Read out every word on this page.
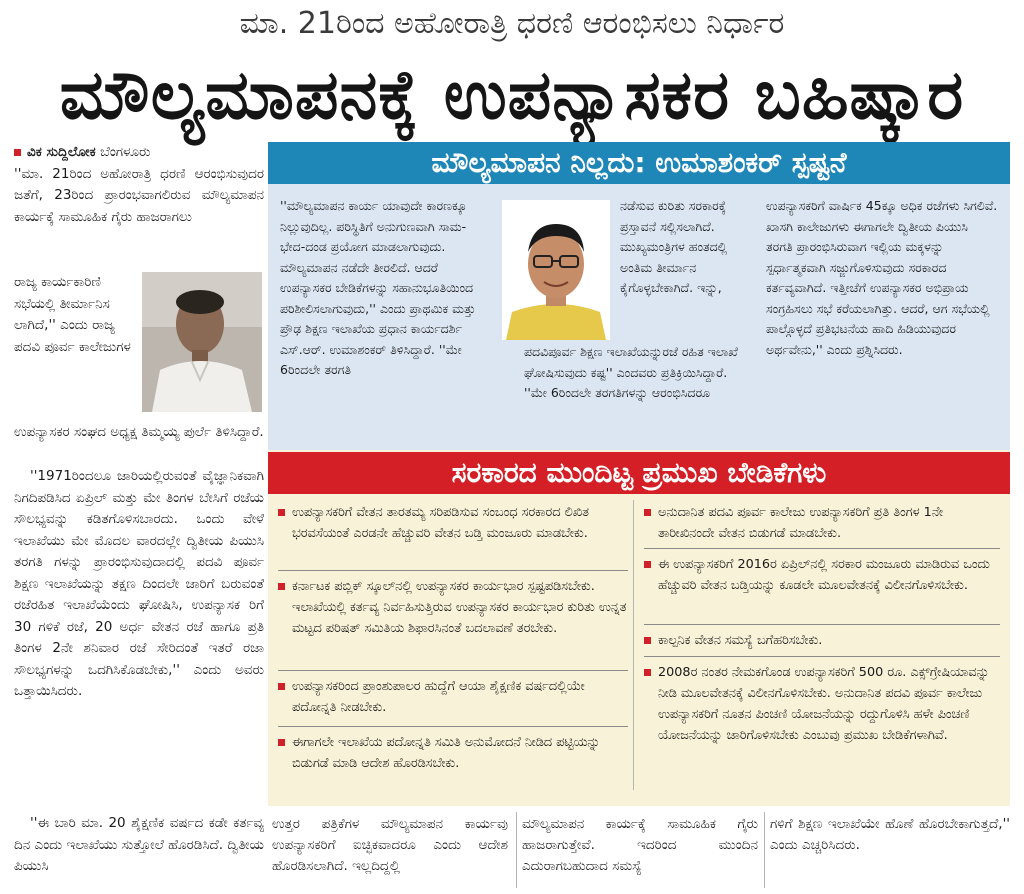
ಮಾ. 21ರಿಂದ ಅಹೋರಾತ್ರಿ ಧರಣಿ ಆರಂಭಿಸಲು ನಿರ್ಧಾರ
ಮೌಲ್ಯಮಾಪನಕ್ಕೆ ಉಪನ್ಯಾಸಕರ ಬಹಿಷ್ಕಾರ
ವಿಕ ಸುದ್ದಿಲೋಕ ಬೆಂಗಳೂರು
''ಮಾ. 21ರಿಂದ ಅಹೋರಾತ್ರಿ ಧರಣಿ ಆರಂಭಿಸುವುದರ ಜತೆಗೆ, 23ರಿಂದ ಪ್ರಾರಂಭವಾಗಲಿರುವ ಮೌಲ್ಯಮಾಪನ ಕಾರ್ಯಕ್ಕೆ ಸಾಮೂಹಿಕ ಗೈರು ಹಾಜರಾಗಲು
ರಾಜ್ಯ ಕಾರ್ಯಕಾರಿಣಿ ಸಭೆಯಲ್ಲಿ ತೀರ್ಮಾನಿಸ ಲಾಗಿದೆ,'' ಎಂದು ರಾಜ್ಯ ಪದವಿ ಪೂರ್ವ ಕಾಲೇಜುಗಳ
ಉಪನ್ಯಾಸಕರ ಸಂಘದ ಅಧ್ಯಕ್ಷ ತಿಮ್ಮಯ್ಯ ಪುರ್ಲೆ ತಿಳಿಸಿದ್ದಾರೆ.
''1971ರಿಂದಲೂ ಜಾರಿಯಲ್ಲಿರುವಂತೆ ವೈಜ್ಞಾನಿಕವಾಗಿ ನಿಗದಿಪಡಿಸಿದ ಏಪ್ರಿಲ್ ಮತ್ತು ಮೇ ತಿಂಗಳ ಬೇಸಿಗೆ ರಜೆಯ ಸೌಲಭ್ಯವನ್ನು ಕಡಿತಗೊಳಿಸಬಾರದು. ಒಂದು ವೇಳೆ ಇಲಾಖೆಯು ಮೇ ಮೊದಲ ವಾರದಲ್ಲೇ ದ್ವಿತೀಯ ಪಿಯುಸಿ ತರಗತಿ ಗಳನ್ನು ಪ್ರಾರಂಭಿಸುವುದಾದಲ್ಲಿ ಪದವಿ ಪೂರ್ವ ಶಿಕ್ಷಣ ಇಲಾಖೆಯನ್ನು ತಕ್ಷಣ ದಿಂದಲೇ ಜಾರಿಗೆ ಬರುವಂತೆ ರಜೆರಹಿತ ಇಲಾಖೆಯೆಂದು ಘೋಷಿಸಿ, ಉಪನ್ಯಾಸಕ ರಿಗೆ 30 ಗಳಿಕೆ ರಜೆ, 20 ಅರ್ಧ ವೇತನ ರಜೆ ಹಾಗೂ ಪ್ರತಿ ತಿಂಗಳ 2ನೇ ಶನಿವಾರ ರಜೆ ಸೇರಿದಂತೆ ಇತರೆ ರಜಾ ಸೌಲಭ್ಯಗಳನ್ನು ಒದಗಿಸಿಕೊಡಬೇಕು,'' ಎಂದು ಅವರು ಒತ್ತಾಯಿಸಿದರು.
''ಈ ಬಾರಿ ಮಾ. 20 ಶೈಕ್ಷಣಿಕ ವರ್ಷದ ಕಡೇ ಕರ್ತವ್ಯ ದಿನ ಎಂದು ಇಲಾಖೆಯು ಸುತ್ತೋಲೆ ಹೊರಡಿಸಿದೆ. ದ್ವಿತೀಯ ಪಿಯುಸಿ
ಮೌಲ್ಯಮಾಪನ ನಿಲ್ಲದು: ಉಮಾಶಂಕರ್ ಸ್ಪಷ್ಟನೆ
''ಮೌಲ್ಯಮಾಪನ ಕಾರ್ಯ ಯಾವುದೇ ಕಾರಣಕ್ಕೂ ನಿಲ್ಲುವುದಿಲ್ಲ. ಪರಿಸ್ಥಿತಿಗೆ ಅನುಗುಣವಾಗಿ ಸಾಮ-ಭೇದ-ದಂಡ ಪ್ರಯೋಗ ಮಾಡಲಾಗುವುದು. ಮೌಲ್ಯಮಾಪನ ನಡೆದೇ ತೀರಲಿದೆ. ಆದರೆ ಉಪನ್ಯಾಸಕರ ಬೇಡಿಕೆಗಳನ್ನು ಸಹಾನುಭೂತಿಯಿಂದ ಪರಿಶೀಲಿಸಲಾಗುವುದು,'' ಎಂದು ಪ್ರಾಥಮಿಕ ಮತ್ತು ಪ್ರೌಢ ಶಿಕ್ಷಣ ಇಲಾಖೆಯ ಪ್ರಧಾನ ಕಾರ್ಯದರ್ಶಿ ಎಸ್.ಆರ್. ಉಮಾಶಂಕರ್ ತಿಳಿಸಿದ್ದಾರೆ. ''ಮೇ 6ರಿಂದಲೇ ತರಗತಿ
ನಡೆಸುವ ಕುರಿತು ಸರಕಾರಕ್ಕೆ ಪ್ರಸ್ತಾವನೆ ಸಲ್ಲಿಸಲಾಗಿದೆ. ಮುಖ್ಯಮಂತ್ರಿಗಳ ಹಂತದಲ್ಲಿ ಅಂತಿಮ ತೀರ್ಮಾನ ಕೈಗೊಳ್ಳಬೇಕಾಗಿದೆ. ಇನ್ನು,
ಪದವಿಪೂರ್ವ ಶಿಕ್ಷಣ ಇಲಾಖೆಯನ್ನುರಜೆ ರಹಿತ ಇಲಾಖೆ ಘೋಷಿಸುವುದು ಕಷ್ಟ'' ಎಂದವರು ಪ್ರತಿಕ್ರಿಯಿಸಿದ್ದಾರೆ. ''ಮೇ 6ರಿಂದಲೇ ತರಗತಿಗಳನ್ನು ಆರಂಭಿಸಿದರೂ
ಉಪನ್ಯಾಸಕರಿಗೆ ವಾರ್ಷಿಕ 45ಕ್ಕೂ ಅಧಿಕ ರಜೆಗಳು ಸಿಗಲಿವೆ. ಖಾಸಗಿ ಕಾಲೇಜುಗಳು ಈಗಾಗಲೇ ದ್ವಿತೀಯ ಪಿಯುಸಿ ತರಗತಿ ಪ್ರಾರಂಭಿಸಿರುವಾಗ ಇಲ್ಲಿಯ ಮಕ್ಕಳನ್ನು ಸ್ಪರ್ಧಾತ್ಮಕವಾಗಿ ಸಜ್ಜುಗೊಳಿಸುವುದು ಸರಕಾರದ ಕರ್ತವ್ಯವಾಗಿದೆ. ಇತ್ತೀಚೆಗೆ ಉಪನ್ಯಾಸಕರ ಅಭಿಪ್ರಾಯ ಸಂಗ್ರಹಿಸಲು ಸಭೆ ಕರೆಯಲಾಗಿತ್ತು. ಆದರೆ, ಆಗ ಸಭೆಯಲ್ಲಿ ಪಾಲ್ಗೊಳ್ಳದೆ ಪ್ರತಿಭಟನೆಯ ಹಾದಿ ಹಿಡಿಯುವುದರ ಅರ್ಥವೇನು,'' ಎಂದು ಪ್ರಶ್ನಿಸಿದರು.
ಸರಕಾರದ ಮುಂದಿಟ್ಟ ಪ್ರಮುಖ ಬೇಡಿಕೆಗಳು
ಉಪನ್ಯಾಸಕರಿಗೆ ವೇತನ ತಾರತಮ್ಯ ಸರಿಪಡಿಸುವ ಸಂಬಂಧ ಸರಕಾರದ ಲಿಖಿತ ಭರವಸೆಯಂತೆ ಎರಡನೇ ಹೆಚ್ಚುವರಿ ವೇತನ ಬಡ್ತಿ ಮಂಜೂರು ಮಾಡಬೇಕು.
ಕರ್ನಾಟಕ ಪಬ್ಲಿಕ್ ಸ್ಕೂಲ್‌ನಲ್ಲಿ ಉಪನ್ಯಾಸಕರ ಕಾರ್ಯಭಾರ ಸ್ಪಷ್ಟಪಡಿಸಬೇಕು. ಇಲಾಖೆಯಲ್ಲಿ ಕರ್ತವ್ಯ ನಿರ್ವಹಿಸುತ್ತಿರುವ ಉಪನ್ಯಾಸಕರ ಕಾರ್ಯಭಾರ ಕುರಿತು ಉನ್ನತ ಮಟ್ಟದ ಪರಿಷತ್ ಸಮಿತಿಯ ಶಿಫಾರಸಿನಂತೆ ಬದಲಾವಣೆ ತರಬೇಕು.
ಉಪನ್ಯಾಸಕರಿಂದ ಪ್ರಾಂಶುಪಾಲರ ಹುದ್ದೆಗೆ ಆಯಾ ಶೈಕ್ಷಣಿಕ ವರ್ಷದಲ್ಲಿಯೇ ಪದೋನ್ನತಿ ನೀಡಬೇಕು.
ಈಗಾಗಲೇ ಇಲಾಖೆಯ ಪದೋನ್ನತಿ ಸಮಿತಿ ಅನುಮೋದನೆ ನೀಡಿದ ಪಟ್ಟಿಯನ್ನು ಬಿಡುಗಡೆ ಮಾಡಿ ಆದೇಶ ಹೊರಡಿಸಬೇಕು.
ಅನುದಾನಿತ ಪದವಿ ಪೂರ್ವ ಕಾಲೇಜು ಉಪನ್ಯಾಸಕರಿಗೆ ಪ್ರತಿ ತಿಂಗಳ 1ನೇ ತಾರೀಖಿನಂದೇ ವೇತನ ಬಿಡುಗಡೆ ಮಾಡಬೇಕು.
ಈ ಉಪನ್ಯಾಸಕರಿಗೆ 2016ರ ಏಪ್ರಿಲ್‌ನಲ್ಲಿ ಸರಕಾರ ಮಂಜೂರು ಮಾಡಿರುವ ಒಂದು ಹೆಚ್ಚುವರಿ ವೇತನ ಬಡ್ತಿಯನ್ನು ಕೂಡಲೇ ಮೂಲವೇತನಕ್ಕೆ ವಿಲೀನಗೊಳಿಸಬೇಕು.
ಕಾಲ್ಪನಿಕ ವೇತನ ಸಮಸ್ಯೆ ಬಗೆಹರಿಸಬೇಕು.
2008ರ ನಂತರ ನೇಮಕಗೊಂಡ ಉಪನ್ಯಾಸಕರಿಗೆ 500 ರೂ. ಎಕ್ಸ್‌ಗ್ರೇಷಿಯಾವನ್ನು ನೀಡಿ ಮೂಲವೇತನಕ್ಕೆ ವಿಲೀನಗೊಳಿಸಬೇಕು. ಅನುದಾನಿತ ಪದವಿ ಪೂರ್ವ ಕಾಲೇಜು ಉಪನ್ಯಾಸಕರಿಗೆ ನೂತನ ಪಿಂಚಣಿ ಯೋಜನೆಯನ್ನು ರದ್ದುಗೊಳಿಸಿ ಹಳೇ ಪಿಂಚಣಿ ಯೋಜನೆಯನ್ನು ಜಾರಿಗೊಳಿಸಬೇಕು ಎಂಬುವು ಪ್ರಮುಖ ಬೇಡಿಕೆಗಳಾಗಿವೆ.
ಉತ್ತರ ಪತ್ರಿಕೆಗಳ ಮೌಲ್ಯಮಾಪನ ಕಾರ್ಯವು ಉಪನ್ಯಾಸಕರಿಗೆ ಐಚ್ಛಿಕವಾದರೂ ಎಂದು ಆದೇಶ ಹೊರಡಿಸಲಾಗಿದೆ. ಇಲ್ಲದಿದ್ದಲ್ಲಿ
ಮೌಲ್ಯಮಾಪನ ಕಾರ್ಯಕ್ಕೆ ಸಾಮೂಹಿಕ ಗೈರು ಹಾಜರಾಗುತ್ತೇವೆ. ಇದರಿಂದ ಮುಂದಿನ ಎದುರಾಗಬಹುದಾದ ಸಮಸ್ಯೆ
ಗಳಿಗೆ ಶಿಕ್ಷಣ ಇಲಾಖೆಯೇ ಹೊಣೆ ಹೊರಬೇಕಾಗುತ್ತದೆ,'' ಎಂದು ಎಚ್ಚರಿಸಿದರು.
